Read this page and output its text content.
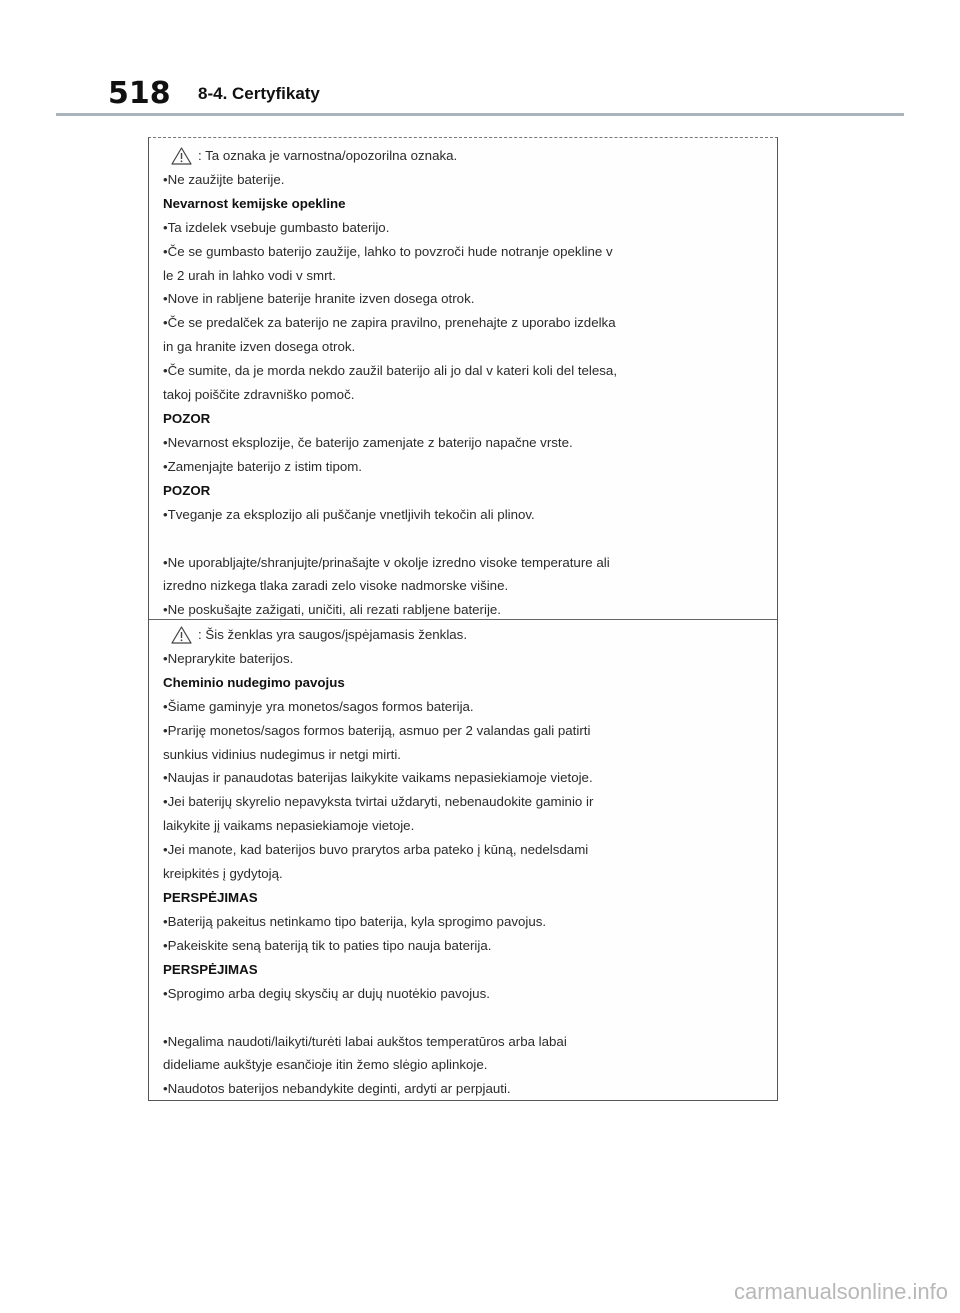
518 8-4. Certyfikaty
: Ta oznaka je varnostna/opozorilna oznaka.
•Ne zaužijte baterije.
Nevarnost kemijske opekline
•Ta izdelek vsebuje gumbasto baterijo.
•Če se gumbasto baterijo zaužije, lahko to povzroči hude notranje opekline v
le 2 urah in lahko vodi v smrt.
•Nove in rabljene baterije hranite izven dosega otrok.
•Če se predalček za baterijo ne zapira pravilno, prenehajte z uporabo izdelka
in ga hranite izven dosega otrok.
•Če sumite, da je morda nekdo zaužil baterijo ali jo dal v kateri koli del telesa,
takoj poiščite zdravniško pomoč.
POZOR
•Nevarnost eksplozije, če baterijo zamenjate z baterijo napačne vrste.
•Zamenjajte baterijo z istim tipom.
POZOR
•Tveganje za eksplozijo ali puščanje vnetljivih tekočin ali plinov.
•Ne uporabljajte/shranjujte/prinašajte v okolje izredno visoke temperature ali
izredno nizkega tlaka zaradi zelo visoke nadmorske višine.
•Ne poskušajte zažigati, uničiti, ali rezati rabljene baterije.
: Šis ženklas yra saugos/įspėjamasis ženklas.
•Neprarykite baterijos.
Cheminio nudegimo pavojus
•Šiame gaminyje yra monetos/sagos formos baterija.
•Prariję monetos/sagos formos bateriją, asmuo per 2 valandas gali patirti
sunkius vidinius nudegimus ir netgi mirti.
•Naujas ir panaudotas baterijas laikykite vaikams nepasiekiamoje vietoje.
•Jei baterijų skyrelio nepavyksta tvirtai uždaryti, nebenaudokite gaminio ir
laikykite jį vaikams nepasiekiamoje vietoje.
•Jei manote, kad baterijos buvo prarytos arba pateko į kūną, nedelsdami
kreipkitės į gydytoją.
PERSPĖJIMAS
•Bateriją pakeitus netinkamo tipo baterija, kyla sprogimo pavojus.
•Pakeiskite seną bateriją tik to paties tipo nauja baterija.
PERSPĖJIMAS
•Sprogimo arba degių skysčių ar dujų nuotėkio pavojus.
•Negalima naudoti/laikyti/turėti labai aukštos temperatūros arba labai
dideliame aukštyje esančioje itin žemo slėgio aplinkoje.
•Naudotos baterijos nebandykite deginti, ardyti ar perpjauti.
carmanualsonline.info
